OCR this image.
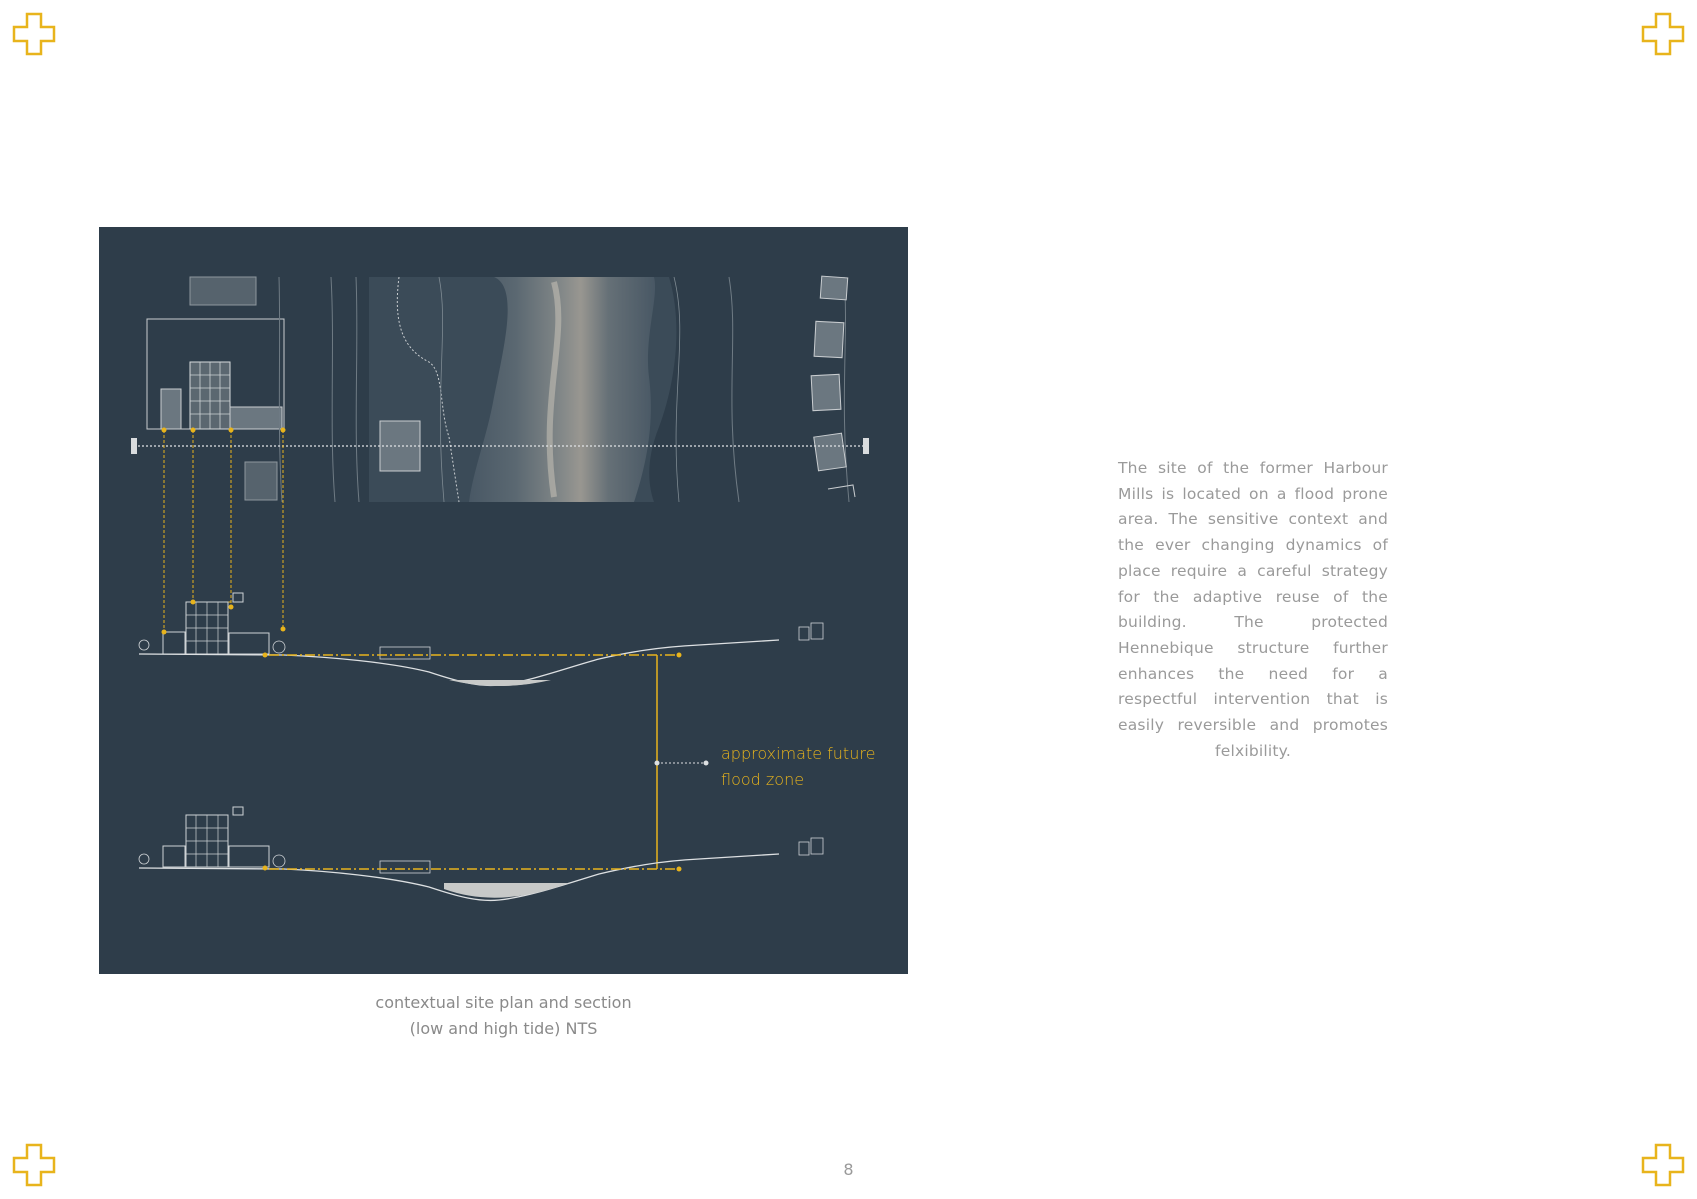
approximate future
flood zone
contextual site plan and section
(low and high tide) NTS
The site of the former Harbour Mills is located on a flood prone area. The sensitive context and the ever changing dynamics of place require a careful strategy for the adaptive reuse of the building. The protected Hennebique structure further enhances the need for a respectful intervention that is easily reversible and promotes felxibility.
8
